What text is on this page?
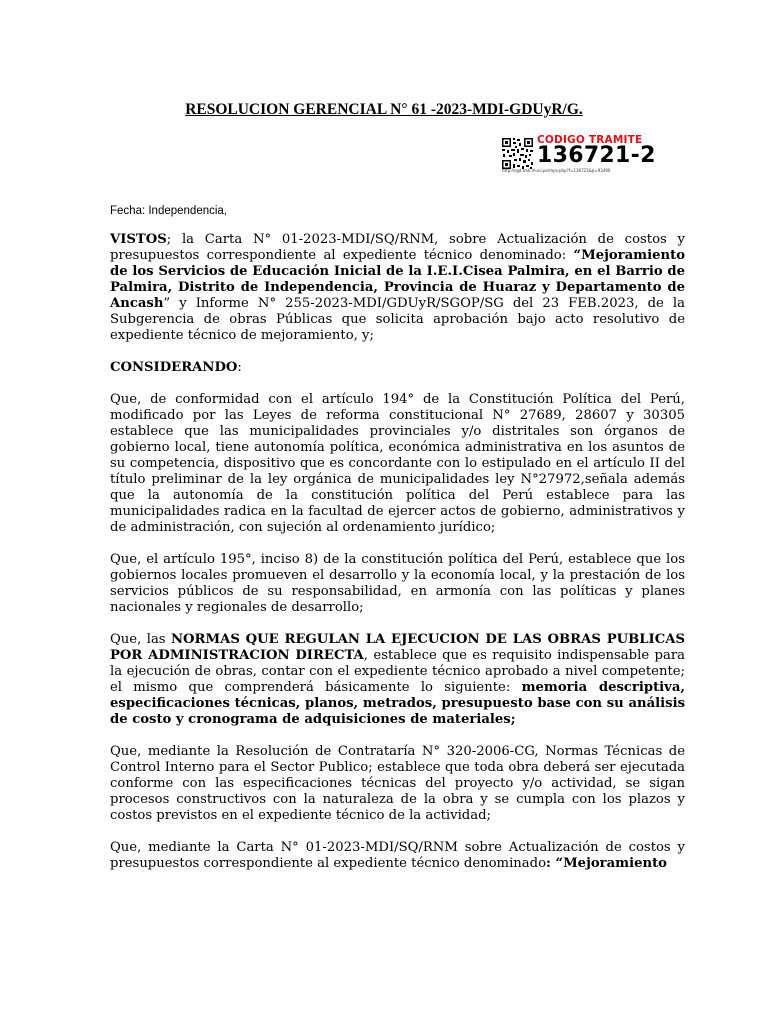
RESOLUCION GERENCIAL N° 61 -2023-MDI-GDUyR/G.
CODIGO TRAMITE
136721-2
http://sgd.mdi.muni.pe/mpv.php?f=136721&p=93490
Fecha: Independencia,

VISTOS; la Carta N° 01-2023-MDI/SQ/RNM, sobre Actualización de costos y presupuestos correspondiente al expediente técnico denominado: “Mejoramiento de los Servicios de Educación Inicial de la I.E.I.Cisea Palmira, en el Barrio de Palmira, Distrito de Independencia, Provincia de Huaraz y Departamento de Ancash” y Informe N° 255-2023-MDI/GDUyR/SGOP/SG del 23 FEB.2023, de la Subgerencia de obras Públicas que solicita aprobación bajo acto resolutivo de expediente técnico de mejoramiento, y;

CONSIDERANDO:

Que, de conformidad con el artículo 194° de la Constitución Política del Perú, modificado por las Leyes de reforma constitucional N° 27689, 28607 y 30305 establece que las municipalidades provinciales y/o distritales son órganos de gobierno local, tiene autonomía política, económica administrativa en los asuntos de su competencia, dispositivo que es concordante con lo estipulado en el artículo II del título preliminar de la ley orgánica de municipalidades ley N°27972,señala además que la autonomía de la constitución política del Perú establece para las municipalidades radica en la facultad de ejercer actos de gobierno, administrativos y de administración, con sujeción al ordenamiento jurídico;

Que, el artículo 195°, inciso 8) de la constitución política del Perú, establece que los gobiernos locales promueven el desarrollo y la economía local, y la prestación de los servicios públicos de su responsabilidad, en armonía con las políticas y planes nacionales y regionales de desarrollo;

Que, las NORMAS QUE REGULAN LA EJECUCION DE LAS OBRAS PUBLICAS POR ADMINISTRACION DIRECTA, establece que es requisito indispensable para la ejecución de obras, contar con el expediente técnico aprobado a nivel competente; el mismo que comprenderá básicamente lo siguiente: memoria descriptiva, especificaciones técnicas, planos, metrados, presupuesto base con su análisis de costo y cronograma de adquisiciones de materiales;

Que, mediante la Resolución de Contrataría N° 320-2006-CG, Normas Técnicas de Control Interno para el Sector Publico; establece que toda obra deberá ser ejecutada conforme con las especificaciones técnicas del proyecto y/o actividad, se sigan procesos constructivos con la naturaleza de la obra y se cumpla con los plazos y costos previstos en el expediente técnico de la actividad;

Que, mediante la Carta N° 01-2023-MDI/SQ/RNM sobre Actualización de costos y presupuestos correspondiente al expediente técnico denominado: “Mejoramiento
